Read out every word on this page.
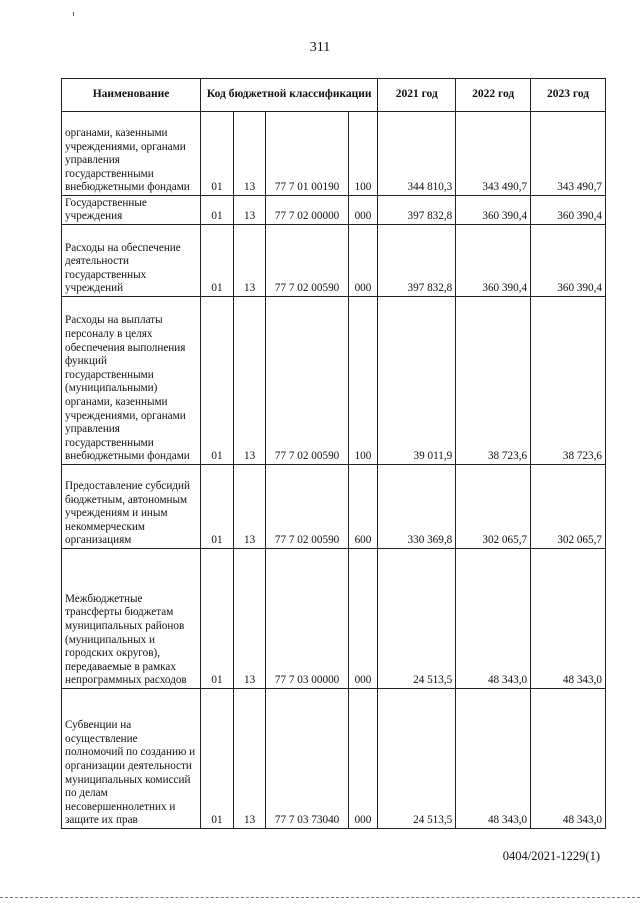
311
Наименование	Код бюджетной классификации				2021 год	2022 год	2023 год
органами, казенными учреждениями, органами управления государственными внебюджетными фондами	01	13	77 7 01 00190	100	344 810,3	343 490,7	343 490,7
Государственные учреждения	01	13	77 7 02 00000	000	397 832,8	360 390,4	360 390,4
Расходы на обеспечение деятельности государственных учреждений	01	13	77 7 02 00590	000	397 832,8	360 390,4	360 390,4
Расходы на выплаты персоналу в целях обеспечения выполнения функций государственными (муниципальными) органами, казенными учреждениями, органами управления государственными внебюджетными фондами	01	13	77 7 02 00590	100	39 011,9	38 723,6	38 723,6
Предоставление субсидий бюджетным, автономным учреждениям и иным некоммерческим организациям	01	13	77 7 02 00590	600	330 369,8	302 065,7	302 065,7
Межбюджетные трансферты бюджетам муниципальных районов (муниципальных и городских округов), передаваемые в рамках непрограммных расходов	01	13	77 7 03 00000	000	24 513,5	48 343,0	48 343,0
Субвенции на осуществление полномочий по созданию и организации деятельности муниципальных комиссий по делам несовершеннолетних и защите их прав	01	13	77 7 03 73040	000	24 513,5	48 343,0	48 343,0
0404/2021-1229(1)
